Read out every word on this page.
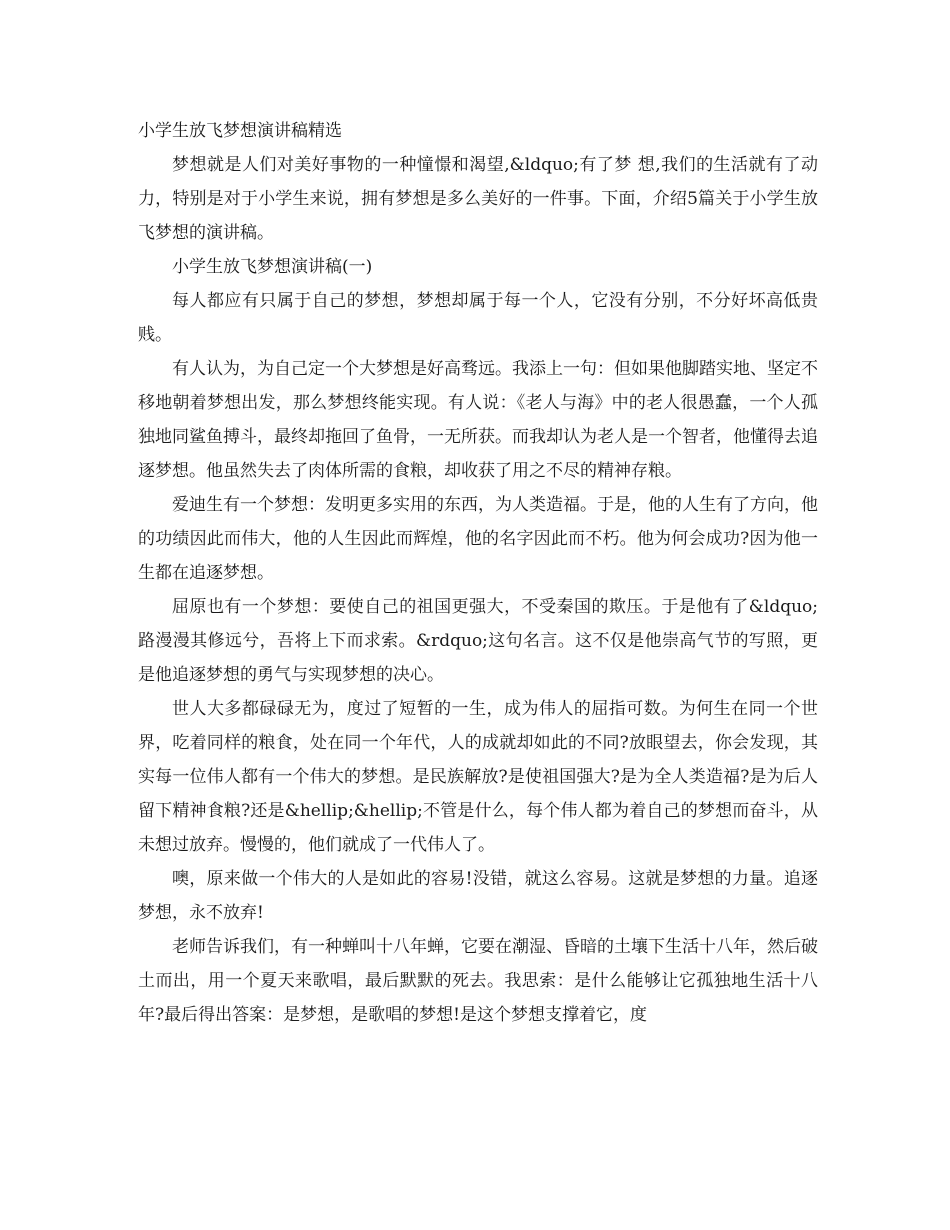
小学生放飞梦想演讲稿精选

梦想就是人们对美好事物的一种憧憬和渴望,&ldquo;有了梦 想,我们的生活就有了动力，特别是对于小学生来说，拥有梦想是多么美好的一件事。下面，介绍5篇关于小学生放飞梦想的演讲稿。

小学生放飞梦想演讲稿(一)

每人都应有只属于自己的梦想，梦想却属于每一个人，它没有分别，不分好坏高低贵贱。

有人认为，为自己定一个大梦想是好高骛远。我添上一句：但如果他脚踏实地、坚定不移地朝着梦想出发，那么梦想终能实现。有人说：《老人与海》中的老人很愚蠢，一个人孤独地同鲨鱼搏斗，最终却拖回了鱼骨，一无所获。而我却认为老人是一个智者，他懂得去追逐梦想。他虽然失去了肉体所需的食粮，却收获了用之不尽的精神存粮。

爱迪生有一个梦想：发明更多实用的东西，为人类造福。于是，他的人生有了方向，他的功绩因此而伟大，他的人生因此而辉煌，他的名字因此而不朽。他为何会成功?因为他一生都在追逐梦想。

屈原也有一个梦想：要使自己的祖国更强大，不受秦国的欺压。于是他有了&ldquo;路漫漫其修远兮，吾将上下而求索。&rdquo;这句名言。这不仅是他崇高气节的写照，更是他追逐梦想的勇气与实现梦想的决心。

世人大多都碌碌无为，度过了短暂的一生，成为伟人的屈指可数。为何生在同一个世界，吃着同样的粮食，处在同一个年代，人的成就却如此的不同?放眼望去，你会发现，其实每一位伟人都有一个伟大的梦想。是民族解放?是使祖国强大?是为全人类造福?是为后人留下精神食粮?还是&hellip;&hellip;不管是什么，每个伟人都为着自己的梦想而奋斗，从未想过放弃。慢慢的，他们就成了一代伟人了。

噢，原来做一个伟大的人是如此的容易!没错，就这么容易。这就是梦想的力量。追逐梦想，永不放弃!

老师告诉我们，有一种蝉叫十八年蝉，它要在潮湿、昏暗的土壤下生活十八年，然后破土而出，用一个夏天来歌唱，最后默默的死去。我思索：是什么能够让它孤独地生活十八年?最后得出答案：是梦想，是歌唱的梦想!是这个梦想支撑着它，度
